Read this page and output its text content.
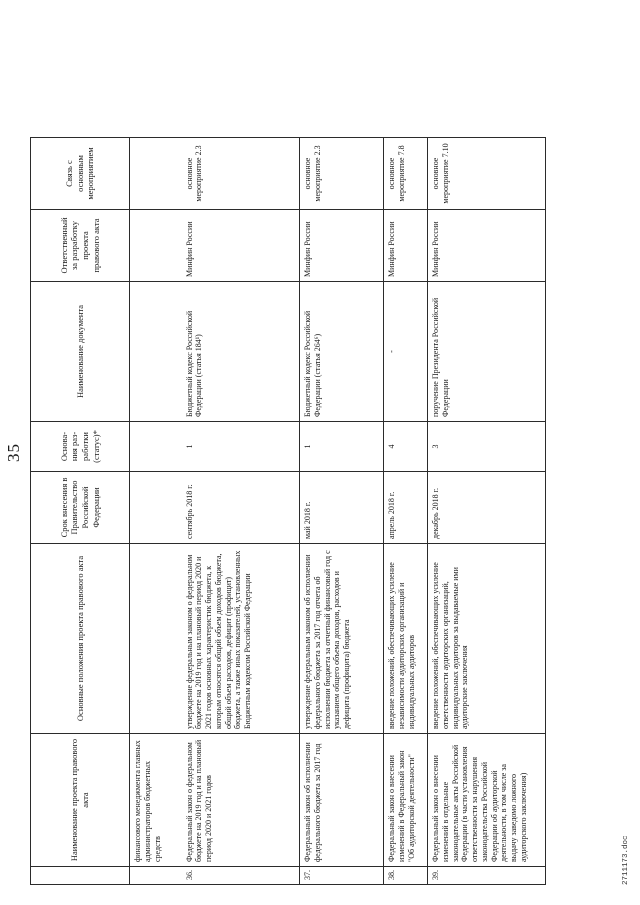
35
	Наименование проекта правового акта	Основные положения проекта правового акта	Срок внесения в Правительство Российской Федерации	Основа-ния раз-работки (статус)*	Наименование документа	Ответственный за разработку проекта правового акта	Связь с основным мероприятием
	финансового менеджмента главных администраторов бюджетных средств						
36.	Федеральный закон о федеральном бюджете на 2019 год и на плановый период 2020 и 2021 годов	утверждение федеральным законом о федеральном бюджете на 2019 год и на плановый период 2020 и 2021 годов основных характеристик бюджета, к которым относятся общий объем доходов бюджета, общий объем расходов, дефицит (профицит) бюджета, а также иных показателей, установленных Бюджетным кодексом Российской Федерации	сентябрь 2018 г.	1	Бюджетный кодекс Российской Федерации (статья 184¹)	Минфин России	основное мероприятие 2.3
37.	Федеральный закон об исполнении федерального бюджета за 2017 год	утверждение федеральным законом об исполнении федерального бюджета за 2017 год отчета об исполнении бюджета за отчетный финансовый год с указанием общего объема доходов, расходов и дефицита (профицита) бюджета	май 2018 г.	1	Бюджетный кодекс Российской Федерации (статья 264⁶)	Минфин России	основное мероприятие 2.3
38.	Федеральный закон о внесении изменений в Федеральный закон "Об аудиторской деятельности"	введение положений, обеспечивающих усиление независимости аудиторских организаций и индивидуальных аудиторов	апрель 2018 г.	4	-	Минфин России	основное мероприятие 7.8
39.	Федеральный закон о внесении изменений в отдельные законодательные акты Российской Федерации (в части установления ответственности за нарушения законодательства Российской Федерации об аудиторской деятельности, в том числе за выдачу заведомо ложного аудиторского заключения)	введение положений, обеспечивающих усиление ответственности аудиторских организаций, индивидуальных аудиторов за выдаваемые ими аудиторские заключения	декабрь 2018 г.	3	поручение Президента Российской Федерации	Минфин России	основное мероприятие 7.10
2711173.doc
